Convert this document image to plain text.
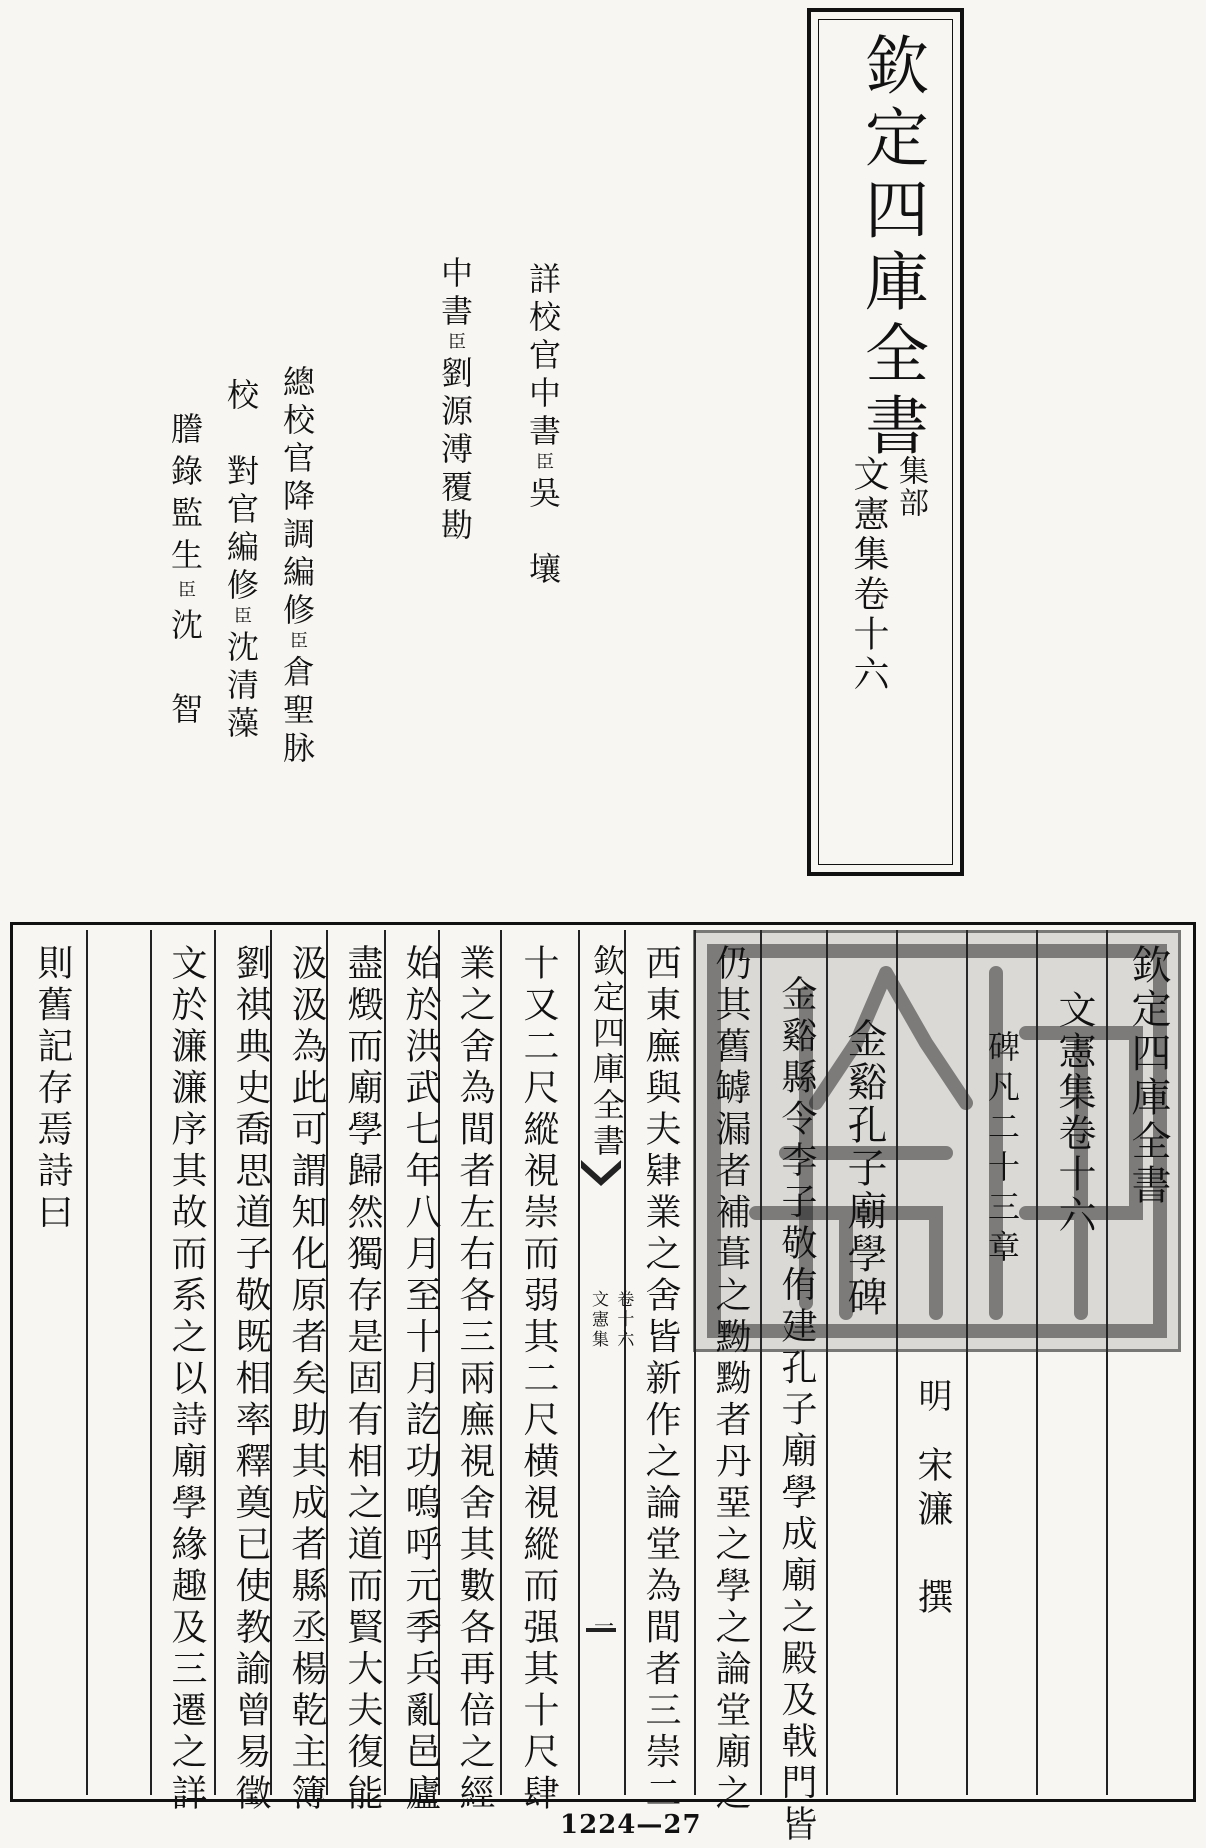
欽定四庫全書
集部
文憲集卷十六
詳校官中書臣吳　壤
中書臣劉源溥覆勘
總校官降調編修臣倉聖脉
校　對官編修臣沈清藻
謄錄監生臣沈　智
欽定四庫全書
文憲集卷十六
碑凡二十三章
明
宋濂　撰
金谿孔子廟學碑
欽定四庫全書
文憲集 卷十六
一	金谿縣令李子敬侑建孔子廟學成廟之殿及戟門皆
仍其舊罅漏者補葺之黝黝者丹堊之學之論堂廟之
西東廡與夫肄業之舍皆新作之論堂為間者三崇二
十又二尺縱視崇而弱其二尺横視縱而强其十尺肆
業之舍為間者左右各三兩廡視舍其數各再倍之經
始於洪武七年八月至十月訖功嗚呼元季兵亂邑廬
盡燬而廟學歸然獨存是固有相之道而賢大夫復能
汲汲為此可謂知化原者矣助其成者縣丞楊乾主簿
劉祺典史喬思道子敬既相率釋奠已使教諭曾易徵
文於濂濂序其故而系之以詩廟學緣趣及三遷之詳
則舊記存焉詩曰
1224—27
